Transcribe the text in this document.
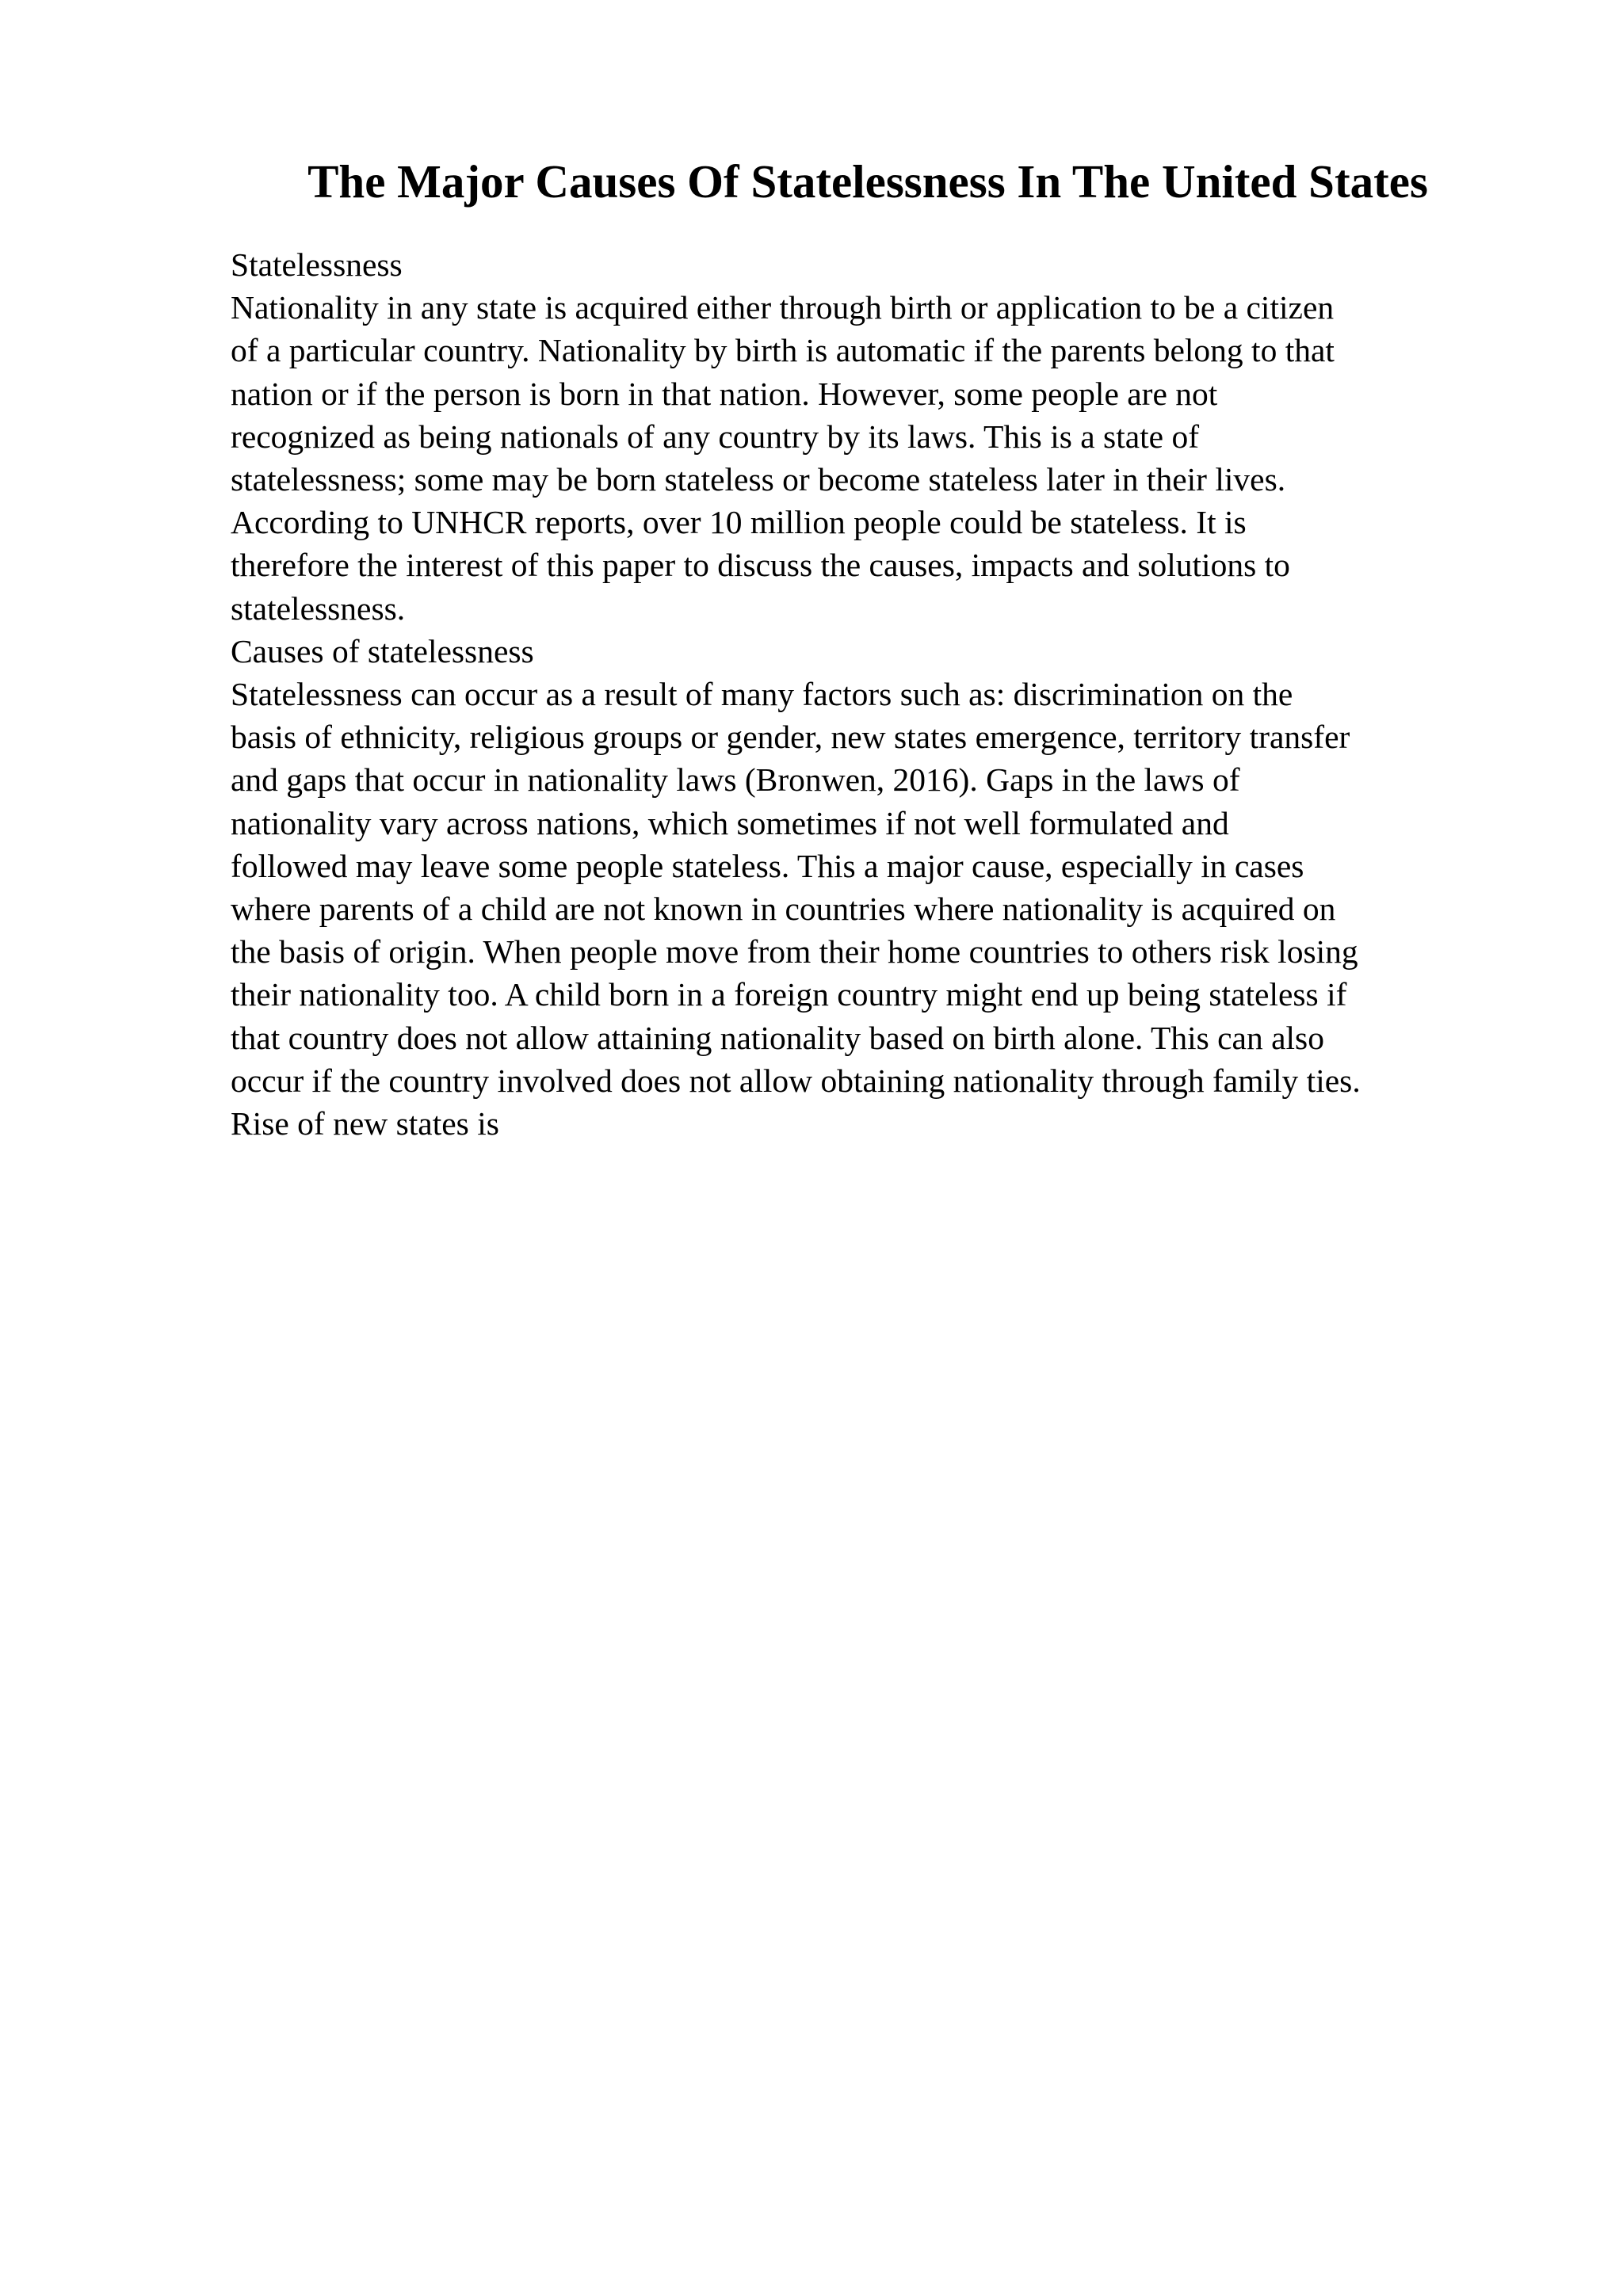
The Major Causes Of Statelessness In The United States
Statelessness
Nationality in any state is acquired either through birth or application to be a citizen
of a particular country. Nationality by birth is automatic if the parents belong to that
nation or if the person is born in that nation. However, some people are not
recognized as being nationals of any country by its laws. This is a state of
statelessness; some may be born stateless or become stateless later in their lives.
According to UNHCR reports, over 10 million people could be stateless. It is
therefore the interest of this paper to discuss the causes, impacts and solutions to
statelessness.
Causes of statelessness
Statelessness can occur as a result of many factors such as: discrimination on the
basis of ethnicity, religious groups or gender, new states emergence, territory transfer
and gaps that occur in nationality laws (Bronwen, 2016). Gaps in the laws of
nationality vary across nations, which sometimes if not well formulated and
followed may leave some people stateless. This a major cause, especially in cases
where parents of a child are not known in countries where nationality is acquired on
the basis of origin. When people move from their home countries to others risk losing
their nationality too. A child born in a foreign country might end up being stateless if
that country does not allow attaining nationality based on birth alone. This can also
occur if the country involved does not allow obtaining nationality through family ties.
Rise of new states is
